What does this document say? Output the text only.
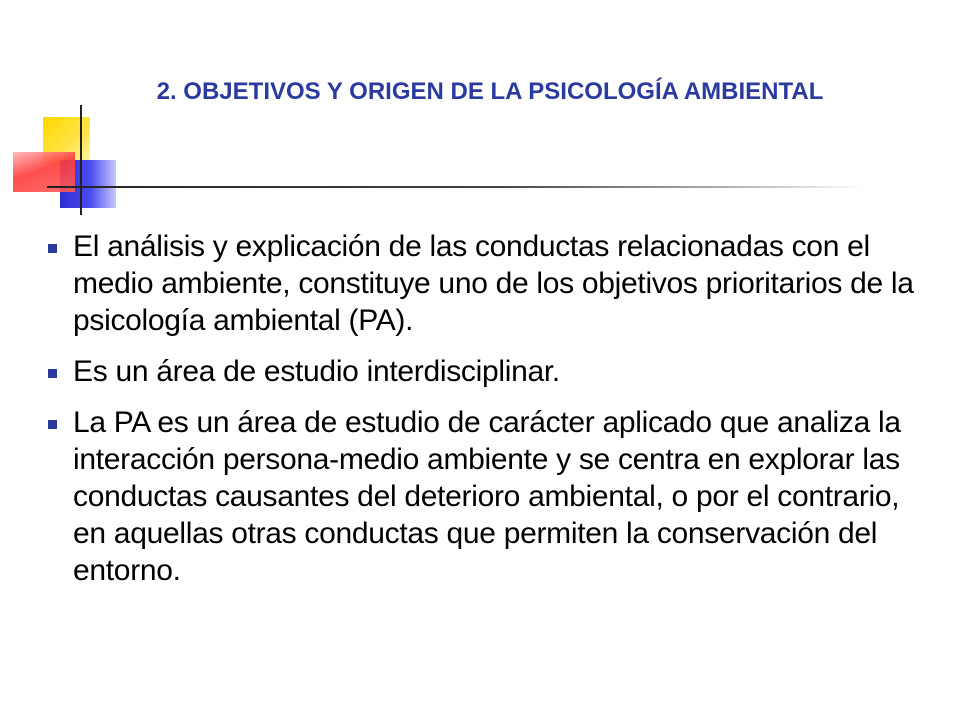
2. OBJETIVOS Y ORIGEN DE LA PSICOLOGÍA AMBIENTAL
El análisis y explicación de las conductas relacionadas con el medio ambiente, constituye uno de los objetivos prioritarios de la psicología ambiental (PA).
Es un área de estudio interdisciplinar.
La PA es un área de estudio de carácter aplicado que analiza la interacción persona-medio ambiente y se centra en explorar las conductas causantes del deterioro ambiental, o por el contrario, en aquellas otras conductas que permiten la conservación del entorno.
